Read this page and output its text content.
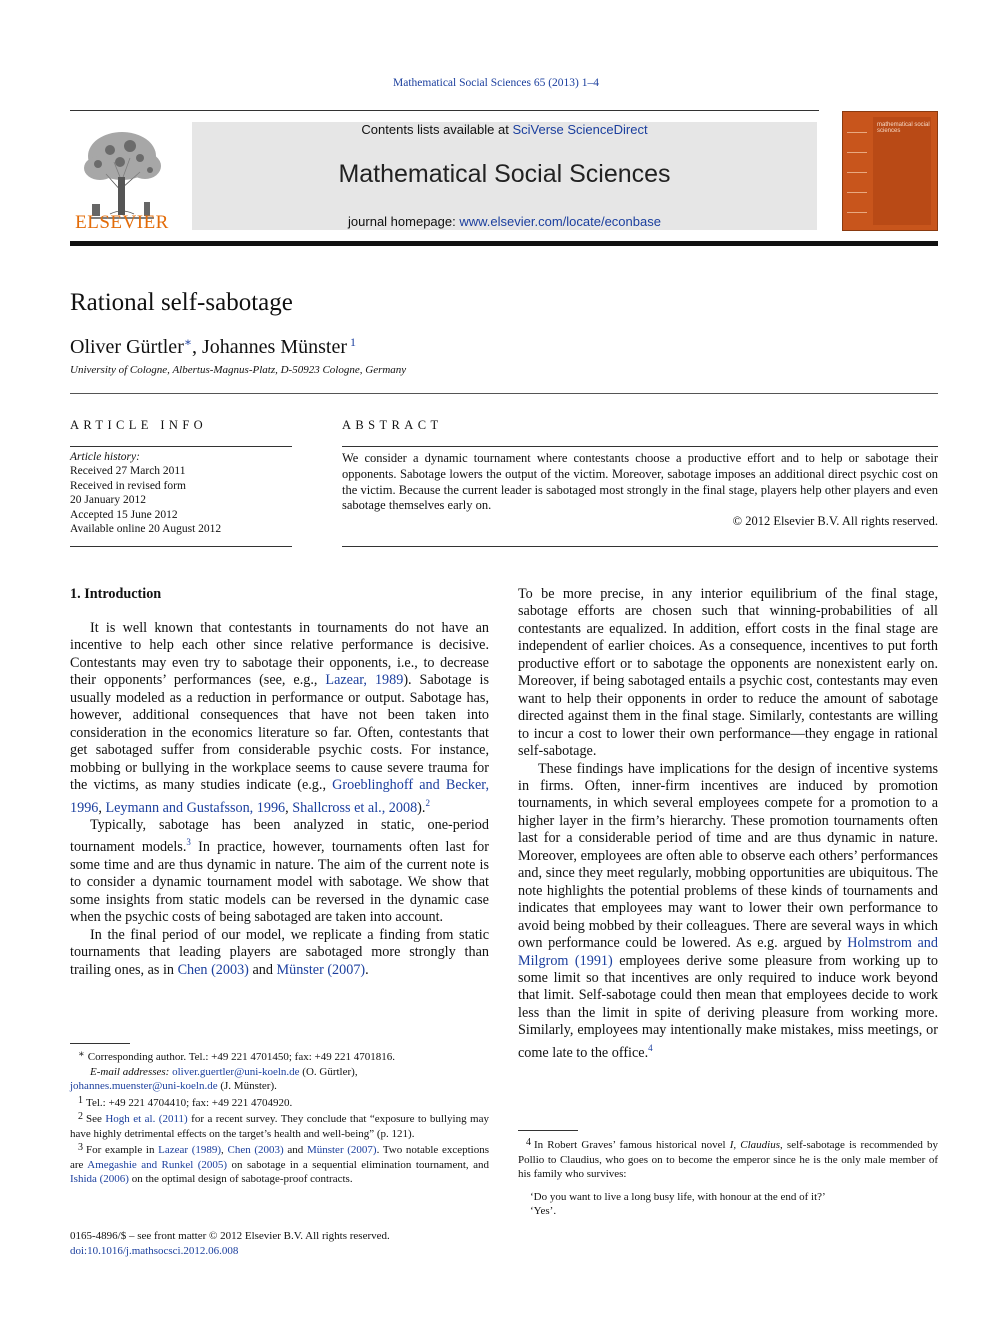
Mathematical Social Sciences 65 (2013) 1–4
ELSEVIER
Contents lists available at SciVerse ScienceDirect
Mathematical Social Sciences
journal homepage: www.elsevier.com/locate/econbase
mathematical social sciences
Rational self-sabotage
Oliver Gürtler∗, Johannes Münster $^1$
University of Cologne, Albertus-Magnus-Platz, D-50923 Cologne, Germany
ARTICLE INFO
Article history:
Received 27 March 2011
Received in revised form
20 January 2012
Accepted 15 June 2012
Available online 20 August 2012
ABSTRACT
We consider a dynamic tournament where contestants choose a productive effort and to help or sabotage their opponents. Sabotage lowers the output of the victim. Moreover, sabotage imposes an additional direct psychic cost on the victim. Because the current leader is sabotaged most strongly in the final stage, players help other players and even sabotage themselves early on.
© 2012 Elsevier B.V. All rights reserved.
1. Introduction

It is well known that contestants in tournaments do not have an incentive to help each other since relative performance is decisive. Contestants may even try to sabotage their opponents, i.e., to decrease their opponents’ performances (see, e.g., Lazear, 1989). Sabotage is usually modeled as a reduction in performance or output. Sabotage has, however, additional consequences that have not been taken into consideration in the economics literature so far. Often, contestants that get sabotaged suffer from considerable psychic costs. For instance, mobbing or bullying in the workplace seems to cause severe trauma for the victims, as many studies indicate (e.g., Groeblinghoff and Becker, 1996, Leymann and Gustafsson, 1996, Shallcross et al., 2008).$^2$

Typically, sabotage has been analyzed in static, one-period tournament models.$^3$ In practice, however, tournaments often last for some time and are thus dynamic in nature. The aim of the current note is to consider a dynamic tournament model with sabotage. We show that some insights from static models can be reversed in the dynamic case when the psychic costs of being sabotaged are taken into account.

In the final period of our model, we replicate a finding from static tournaments that leading players are sabotaged more strongly than trailing ones, as in Chen (2003) and Münster (2007).

To be more precise, in any interior equilibrium of the final stage, sabotage efforts are chosen such that winning-probabilities of all contestants are equalized. In addition, effort costs in the final stage are independent of earlier choices. As a consequence, incentives to put forth productive effort or to sabotage the opponents are nonexistent early on. Moreover, if being sabotaged entails a psychic cost, contestants may even want to help their opponents in order to reduce the amount of sabotage directed against them in the final stage. Similarly, contestants are willing to incur a cost to lower their own performance—they engage in rational self-sabotage.

These findings have implications for the design of incentive systems in firms. Often, inner-firm incentives are induced by promotion tournaments, in which several employees compete for a promotion to a higher layer in the firm’s hierarchy. These promotion tournaments often last for a considerable period of time and are thus dynamic in nature. Moreover, employees are often able to observe each others’ performances and, since they meet regularly, mobbing opportunities are ubiquitous. The note highlights the potential problems of these kinds of tournaments and indicates that employees may want to lower their own performance to avoid being mobbed by their colleagues. There are several ways in which own performance could be lowered. As e.g. argued by Holmstrom and Milgrom (1991) employees derive some pleasure from working up to some limit so that incentives are only required to induce work beyond that limit. Self-sabotage could then mean that employees decide to work less than the limit in spite of deriving pleasure from working more. Similarly, employees may intentionally make mistakes, miss meetings, or come late to the office.$^4$

∗ Corresponding author. Tel.: +49 221 4701450; fax: +49 221 4701816.
E-mail addresses: oliver.guertler@uni-koeln.de (O. Gürtler),
johannes.muenster@uni-koeln.de (J. Münster).
1 Tel.: +49 221 4704410; fax: +49 221 4704920.
2 See Hogh et al. (2011) for a recent survey. They conclude that “exposure to bullying may have highly detrimental effects on the target’s health and well-being” (p. 121).
3 For example in Lazear (1989), Chen (2003) and Münster (2007). Two notable exceptions are Amegashie and Runkel (2005) on sabotage in a sequential elimination tournament, and Ishida (2006) on the optimal design of sabotage-proof contracts.
4 In Robert Graves’ famous historical novel I, Claudius, self-sabotage is recommended by Pollio to Claudius, who goes on to become the emperor since he is the only male member of his family who survives:
‘Do you want to live a long busy life, with honour at the end of it?’
‘Yes’.
0165-4896/$ – see front matter © 2012 Elsevier B.V. All rights reserved.
doi:10.1016/j.mathsocsci.2012.06.008
